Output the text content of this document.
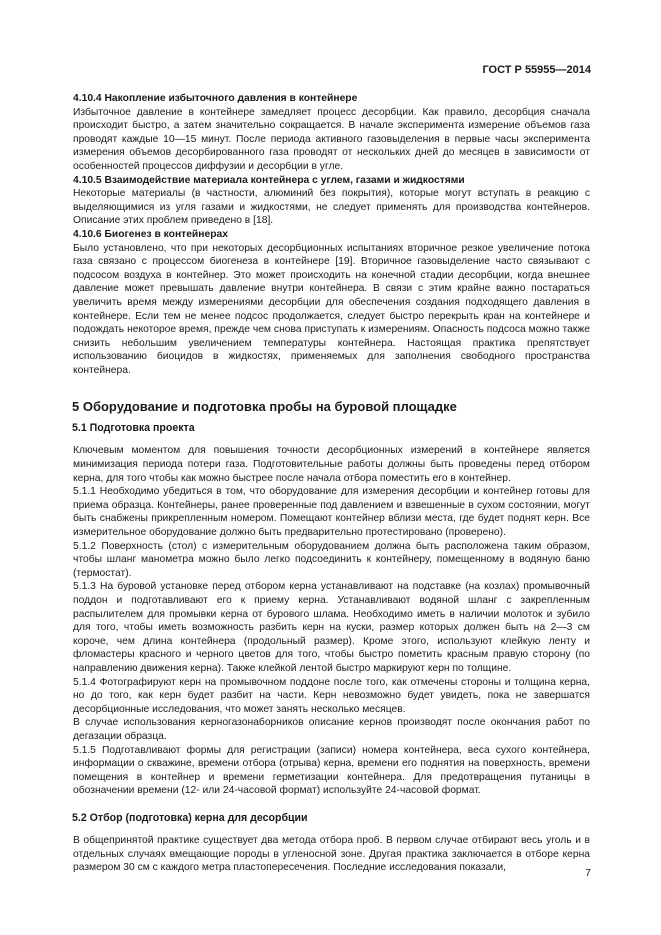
ГОСТ Р 55955—2014
4.10.4 Накопление избыточного давления в контейнере
Избыточное давление в контейнере замедляет процесс десорбции. Как правило, десорбция сначала происходит быстро, а затем значительно сокращается. В начале эксперимента измерение объемов газа проводят каждые 10—15 минут. После периода активного газовыделения в первые часы эксперимента измерения объемов десорбированного газа проводят от нескольких дней до месяцев в зависимости от особенностей процессов диффузии и десорбции в угле.
4.10.5 Взаимодействие материала контейнера с углем, газами и жидкостями
Некоторые материалы (в частности, алюминий без покрытия), которые могут вступать в реакцию с выделяющимися из угля газами и жидкостями, не следует применять для производства контейнеров. Описание этих проблем приведено в [18].
4.10.6 Биогенез в контейнерах
Было установлено, что при некоторых десорбционных испытаниях вторичное резкое увеличение потока газа связано с процессом биогенеза в контейнере [19]. Вторичное газовыделение часто связывают с подсосом воздуха в контейнер. Это может происходить на конечной стадии десорбции, когда внешнее давление может превышать давление внутри контейнера. В связи с этим крайне важно постараться увеличить время между измерениями десорбции для обеспечения создания подходящего давления в контейнере. Если тем не менее подсос продолжается, следует быстро перекрыть кран на контейнере и подождать некоторое время, прежде чем снова приступать к измерениям. Опасность подсоса можно также снизить небольшим увеличением температуры контейнера. Настоящая практика препятствует использованию биоцидов в жидкостях, применяемых для заполнения свободного пространства контейнера.
5 Оборудование и подготовка пробы на буровой площадке
5.1 Подготовка проекта
Ключевым моментом для повышения точности десорбционных измерений в контейнере является минимизация периода потери газа. Подготовительные работы должны быть проведены перед отбором керна, для того чтобы как можно быстрее после начала отбора поместить его в контейнер.
5.1.1 Необходимо убедиться в том, что оборудование для измерения десорбции и контейнер готовы для приема образца. Контейнеры, ранее проверенные под давлением и взвешенные в сухом состоянии, могут быть снабжены прикрепленным номером. Помещают контейнер вблизи места, где будет поднят керн. Все измерительное оборудование должно быть предварительно протестировано (проверено).
5.1.2 Поверхность (стол) с измерительным оборудованием должна быть расположена таким образом, чтобы шланг манометра можно было легко подсоединить к контейнеру, помещенному в водяную баню (термостат).
5.1.3 На буровой установке перед отбором керна устанавливают на подставке (на козлах) промывочный поддон и подготавливают его к приему керна. Устанавливают водяной шланг с закрепленным распылителем для промывки керна от бурового шлама. Необходимо иметь в наличии молоток и зубило для того, чтобы иметь возможность разбить керн на куски, размер которых должен быть на 2—3 см короче, чем длина контейнера (продольный размер). Кроме этого, используют клейкую ленту и фломастеры красного и черного цветов для того, чтобы быстро пометить красным правую сторону (по направлению движения керна). Также клейкой лентой быстро маркируют керн по толщине.
5.1.4 Фотографируют керн на промывочном поддоне после того, как отмечены стороны и толщина керна, но до того, как керн будет разбит на части. Керн невозможно будет увидеть, пока не завершатся десорбционные исследования, что может занять несколько месяцев.
В случае использования керногазонаборников описание кернов производят после окончания работ по дегазации образца.
5.1.5 Подготавливают формы для регистрации (записи) номера контейнера, веса сухого контейнера, информации о скважине, времени отбора (отрыва) керна, времени его поднятия на поверхность, времени помещения в контейнер и времени герметизации контейнера. Для предотвращения путаницы в обозначении времени (12- или 24-часовой формат) используйте 24-часовой формат.
5.2 Отбор (подготовка) керна для десорбции
В общепринятой практике существует два метода отбора проб. В первом случае отбирают весь уголь и в отдельных случаях вмещающие породы в угленосной зоне. Другая практика заключается в отборе керна размером 30 см с каждого метра пластопересечения. Последние исследования показали,
7
